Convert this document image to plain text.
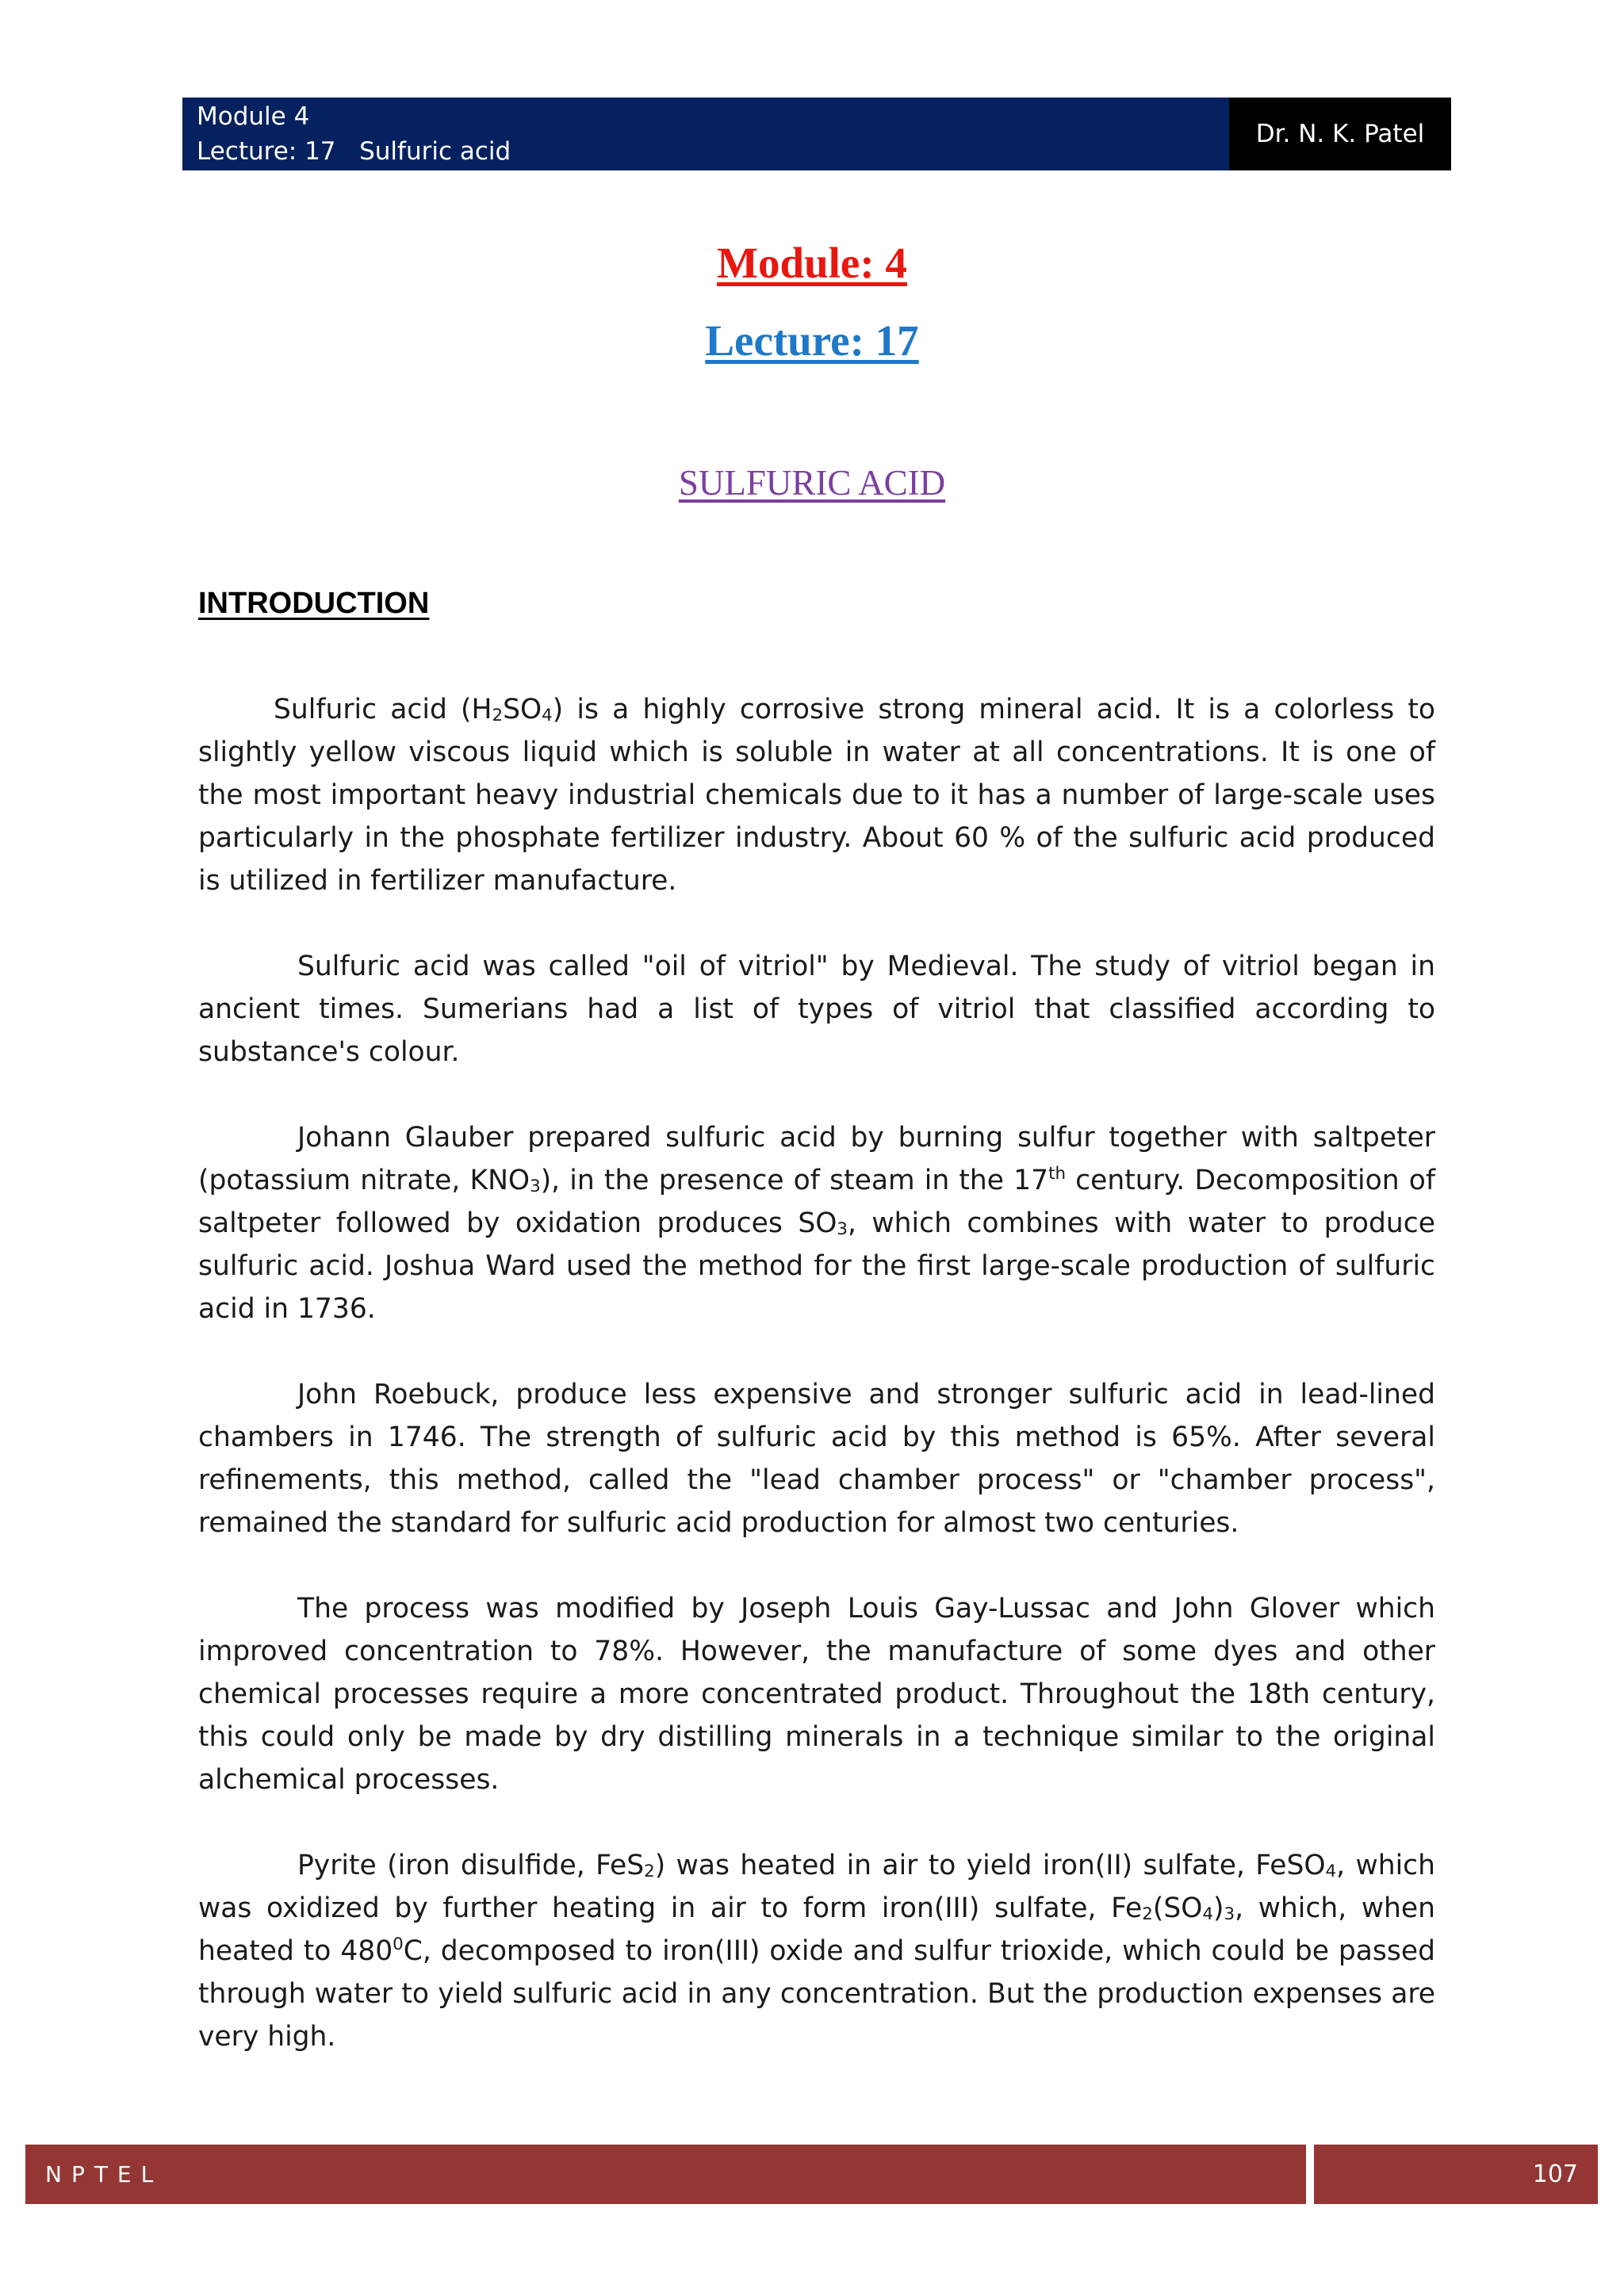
Module 4
Lecture: 17   Sulfuric acid
Dr. N. K. Patel
Module: 4
Lecture: 17
SULFURIC ACID
INTRODUCTION

Sulfuric acid $(H_2SO_4)$ is a highly corrosive strong mineral acid. It is a colorless to slightly yellow viscous liquid which is soluble in water at all concentrations. It is one of the most important heavy industrial chemicals due to it has a number of large-scale uses particularly in the phosphate fertilizer industry. About 60 % of the sulfuric acid produced is utilized in fertilizer manufacture.

Sulfuric acid was called "oil of vitriol" by Medieval. The study of vitriol began in ancient times. Sumerians had a list of types of vitriol that classified according to substance's colour.

Johann Glauber prepared sulfuric acid by burning sulfur together with saltpeter (potassium nitrate, $KNO_3$), in the presence of steam in the 17th century. Decomposition of saltpeter followed by oxidation produces $SO_3$, which combines with water to produce sulfuric acid. Joshua Ward used the method for the first large-scale production of sulfuric acid in 1736.

John Roebuck, produce less expensive and stronger sulfuric acid in lead-lined chambers in 1746. The strength of sulfuric acid by this method is 65%. After several refinements, this method, called the "lead chamber process" or "chamber process", remained the standard for sulfuric acid production for almost two centuries.

The process was modified by Joseph Louis Gay-Lussac and John Glover which improved concentration to 78%. However, the manufacture of some dyes and other chemical processes require a more concentrated product. Throughout the 18th century, this could only be made by dry distilling minerals in a technique similar to the original alchemical processes.

Pyrite (iron disulfide, FeS$_2$) was heated in air to yield iron(II) sulfate, FeSO$_4$, which was oxidized by further heating in air to form iron(III) sulfate, $Fe_2(SO_4)_3$, which, when heated to $480^0C$, decomposed to iron(III) oxide and sulfur trioxide, which could be passed through water to yield sulfuric acid in any concentration. But the production expenses are very high.

NPTEL	107
